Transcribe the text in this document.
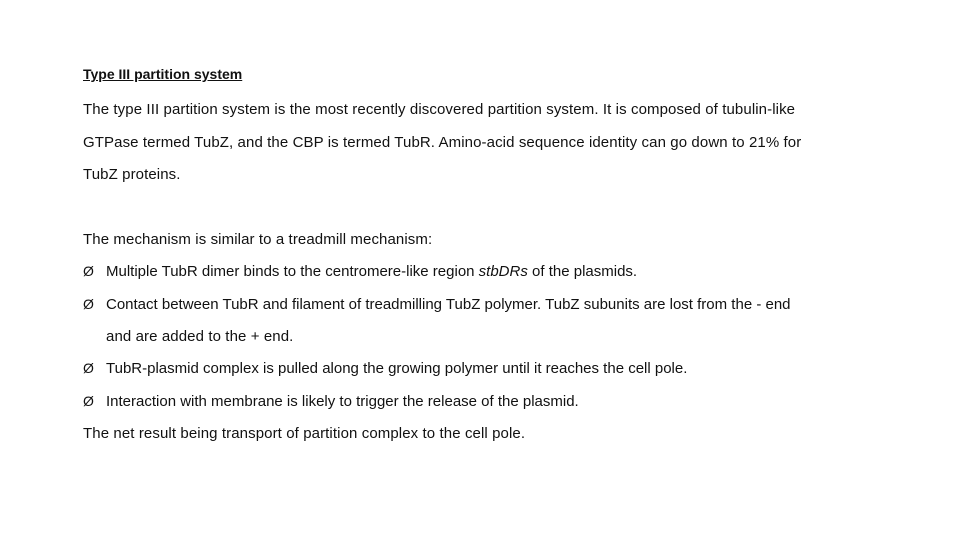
Type III partition system
The type III partition system is the most recently discovered partition system. It is composed of tubulin-like
GTPase termed TubZ, and the CBP is termed TubR. Amino-acid sequence identity can go down to 21% for
TubZ proteins.
The mechanism is similar to a treadmill mechanism:
Ø Multiple TubR dimer binds to the centromere-like region stbDRs of the plasmids.
Ø Contact between TubR and filament of treadmilling TubZ polymer. TubZ subunits are lost from the - end
and are added to the + end.
Ø TubR-plasmid complex is pulled along the growing polymer until it reaches the cell pole.
Ø Interaction with membrane is likely to trigger the release of the plasmid.
The net result being transport of partition complex to the cell pole.
